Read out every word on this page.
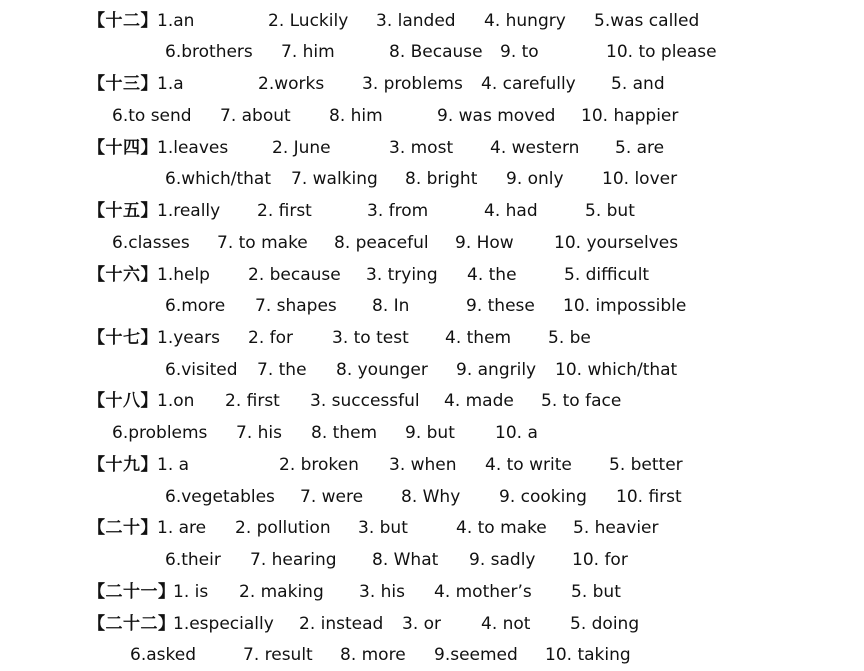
【十二】 1.an	2. Luckily 3. landed 4. hungry 5.was called
6.brothers 7. him	8. Because 9. to	10. to please
【十三】 1.a	2.works 3. problems 4. carefully 5. and
6.to send 7. about 8. him	9. was moved 10. happier
【十四】 1.leaves	2. June	3. most 4. western 5. are
6.which/that 7. walking 8. bright 9. only 10. lover
【十五】 1.really 2. first	3. from	4. had	5. but
6.classes 7. to make 8. peaceful 9. How 10. yourselves
【十六】 1.help 2. because 3. trying 4. the	5. difficult
6.more 7. shapes 8. In	9. these 10. impossible
【十七】 1.years 2. for 3. to test 4. them 5. be
6.visited 7. the 8. younger 9. angrily 10. which/that
【十八】 1.on 2. first 3. successful 4. made 5. to face
6.problems 7. his 8. them 9. but 10. a
【十九】 1. a	2. broken 3. when 4. to write 5. better
6.vegetables 7. were 8. Why 9. cooking 10. first
【二十】 1. are 2. pollution 3. but	4. to make 5. heavier
6.their 7. hearing 8. What 9. sadly 10. for
【二十一】
1. is 2. making 3. his 4. mother’s 5. but
【二十二】
1.especially 2. instead 3. or 4. not 5. doing
6.asked	7. result 8. more 9.seemed 10. taking
